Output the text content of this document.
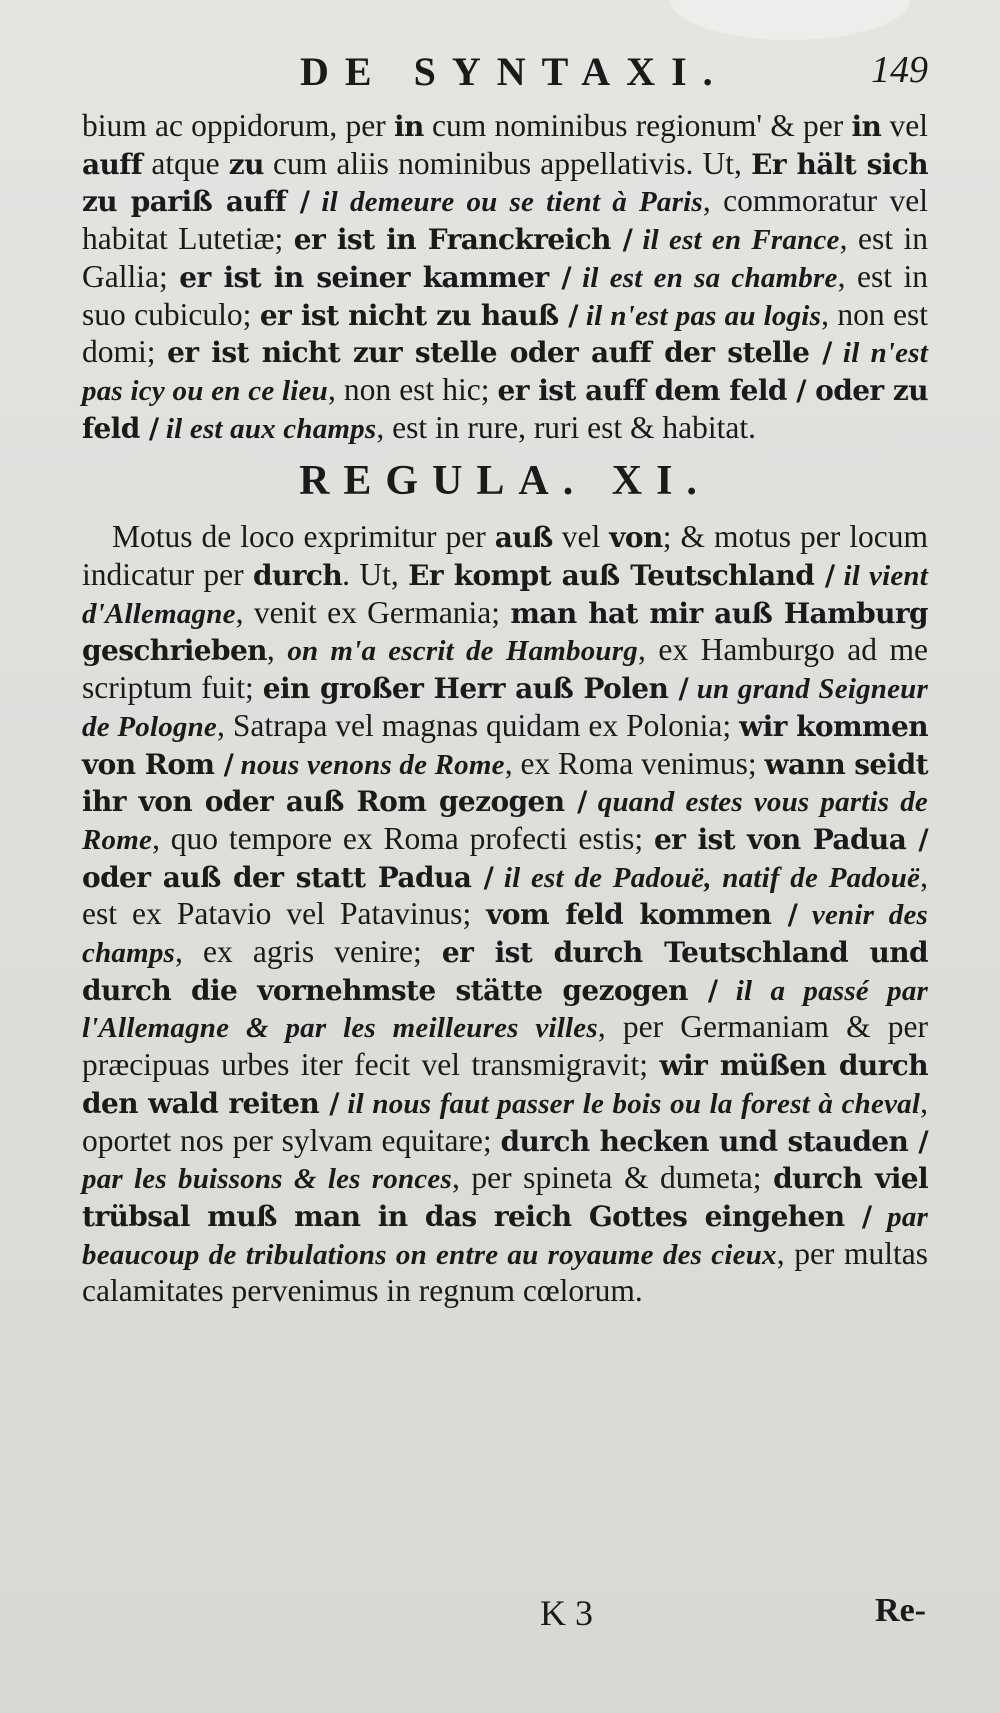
DE SYNTAXI.	149

bium ac oppidorum, per in cum nominibus regionum' & per in vel auff atque zu cum aliis nominibus appellativis. Ut, Er hält sich zu pariß auff / il demeure ou se tient à Paris, commoratur vel habitat Lutetiæ; er ist in Franckreich / il est en France, est in Gallia; er ist in seiner kammer / il est en sa chambre, est in suo cubiculo; er ist nicht zu hauß / il n'est pas au logis, non est domi; er ist nicht zur stelle oder auff der stelle / il n'est pas icy ou en ce lieu, non est hic; er ist auff dem feld / oder zu feld / il est aux champs, est in rure, ruri est & habitat.

REGULA. XI.

Motus de loco exprimitur per auß vel von; & motus per locum indicatur per durch. Ut, Er kompt auß Teutschland / il vient d'Allemagne, venit ex Germania; man hat mir auß Hamburg geschrieben, on m'a escrit de Hambourg, ex Hamburgo ad me scriptum fuit; ein großer Herr auß Polen / un grand Seigneur de Pologne, Satrapa vel magnas quidam ex Polonia; wir kommen von Rom / nous venons de Rome, ex Roma venimus; wann seidt ihr von oder auß Rom gezogen / quand estes vous partis de Rome, quo tempore ex Roma profecti estis; er ist von Padua / oder auß der statt Padua / il est de Padouë, natif de Padouë, est ex Patavio vel Patavinus; vom feld kommen / venir des champs, ex agris venire; er ist durch Teutschland und durch die vornehmste stätte gezogen / il a passé par l'Allemagne & par les meilleures villes, per Germaniam & per præcipuas urbes iter fecit vel transmigravit; wir müßen durch den wald reiten / il nous faut passer le bois ou la forest à cheval, oportet nos per sylvam equitare; durch hecken und stauden / par les buissons & les ronces, per spineta & dumeta; durch viel trübsal muß man in das reich Gottes eingehen / par beaucoup de tribulations on entre au royaume des cieux, per multas calamitates pervenimus in regnum cœlorum.

K 3	Re-
